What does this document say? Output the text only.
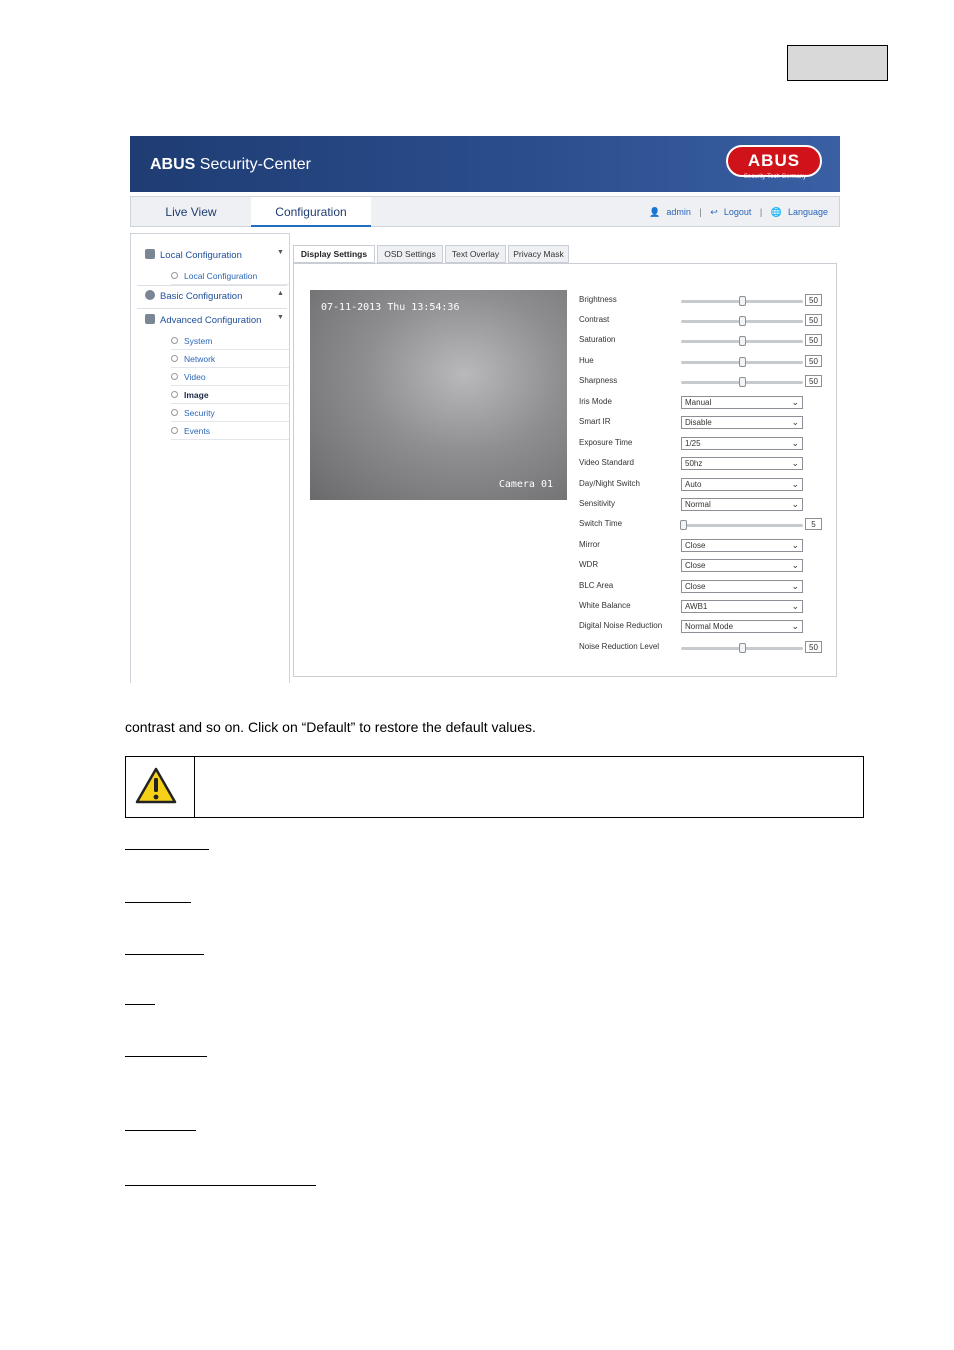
ABUS Security-Center	ABUS
Security Tech Germany
Live View	Configuration	👤 admin | ↩ Logout | 🌐 Language
Local Configuration	▼
Local Configuration
Basic Configuration	▲
Advanced Configuration ▼
System
Network
Video
Image
Security
Events
Display Settings	OSD Settings	Text Overlay	Privacy Mask
07-11-2013 Thu 13:54:36
Camera 01
Brightness	50
Contrast	50
Saturation	50
Hue	50
Sharpness	50
Iris Mode	Manual	⌄
Smart IR	Disable	⌄
Exposure Time	1/25	⌄
Video Standard	50hz	⌄
Day/Night Switch	Auto	⌄
Sensitivity	Normal	⌄
Switch Time	5
Mirror	Close	⌄
WDR	Close	⌄
BLC Area	Close	⌄
White Balance	AWB1	⌄
Digital Noise Reduction	Normal Mode	⌄
Noise Reduction Level	50
contrast and so on. Click on “Default” to restore the default values.
